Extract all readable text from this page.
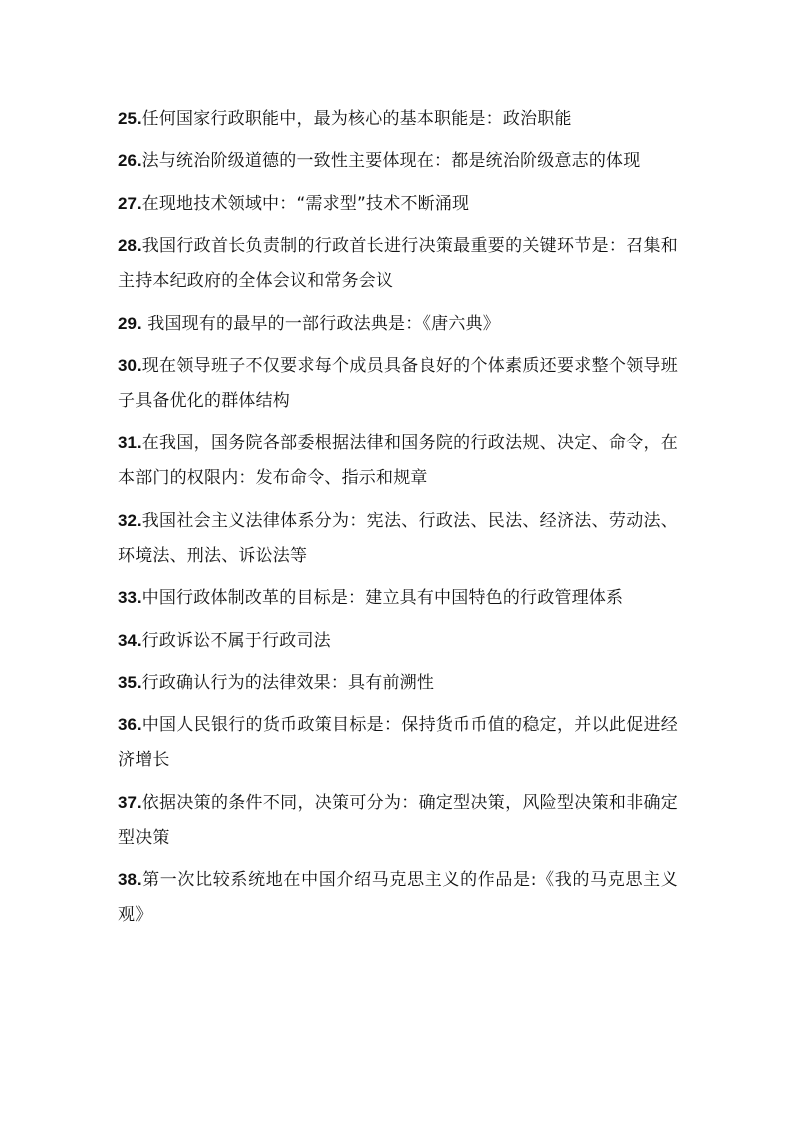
25.任何国家行政职能中，最为核心的基本职能是：政治职能

26.法与统治阶级道德的一致性主要体现在：都是统治阶级意志的体现

27.在现地技术领域中：“需求型”技术不断涌现

28.我国行政首长负责制的行政首长进行决策最重要的关键环节是：召集和主持本纪政府的全体会议和常务会议

29. 我国现有的最早的一部行政法典是：《唐六典》

30.现在领导班子不仅要求每个成员具备良好的个体素质还要求整个领导班子具备优化的群体结构

31.在我国，国务院各部委根据法律和国务院的行政法规、决定、命令，在本部门的权限内：发布命令、指示和规章

32.我国社会主义法律体系分为：宪法、行政法、民法、经济法、劳动法、环境法、刑法、诉讼法等

33.中国行政体制改革的目标是：建立具有中国特色的行政管理体系

34.行政诉讼不属于行政司法

35.行政确认行为的法律效果：具有前溯性

36.中国人民银行的货币政策目标是：保持货币币值的稳定，并以此促进经济增长

37.依据决策的条件不同，决策可分为：确定型决策，风险型决策和非确定型决策

38.第一次比较系统地在中国介绍马克思主义的作品是:《我的马克思主义观》
